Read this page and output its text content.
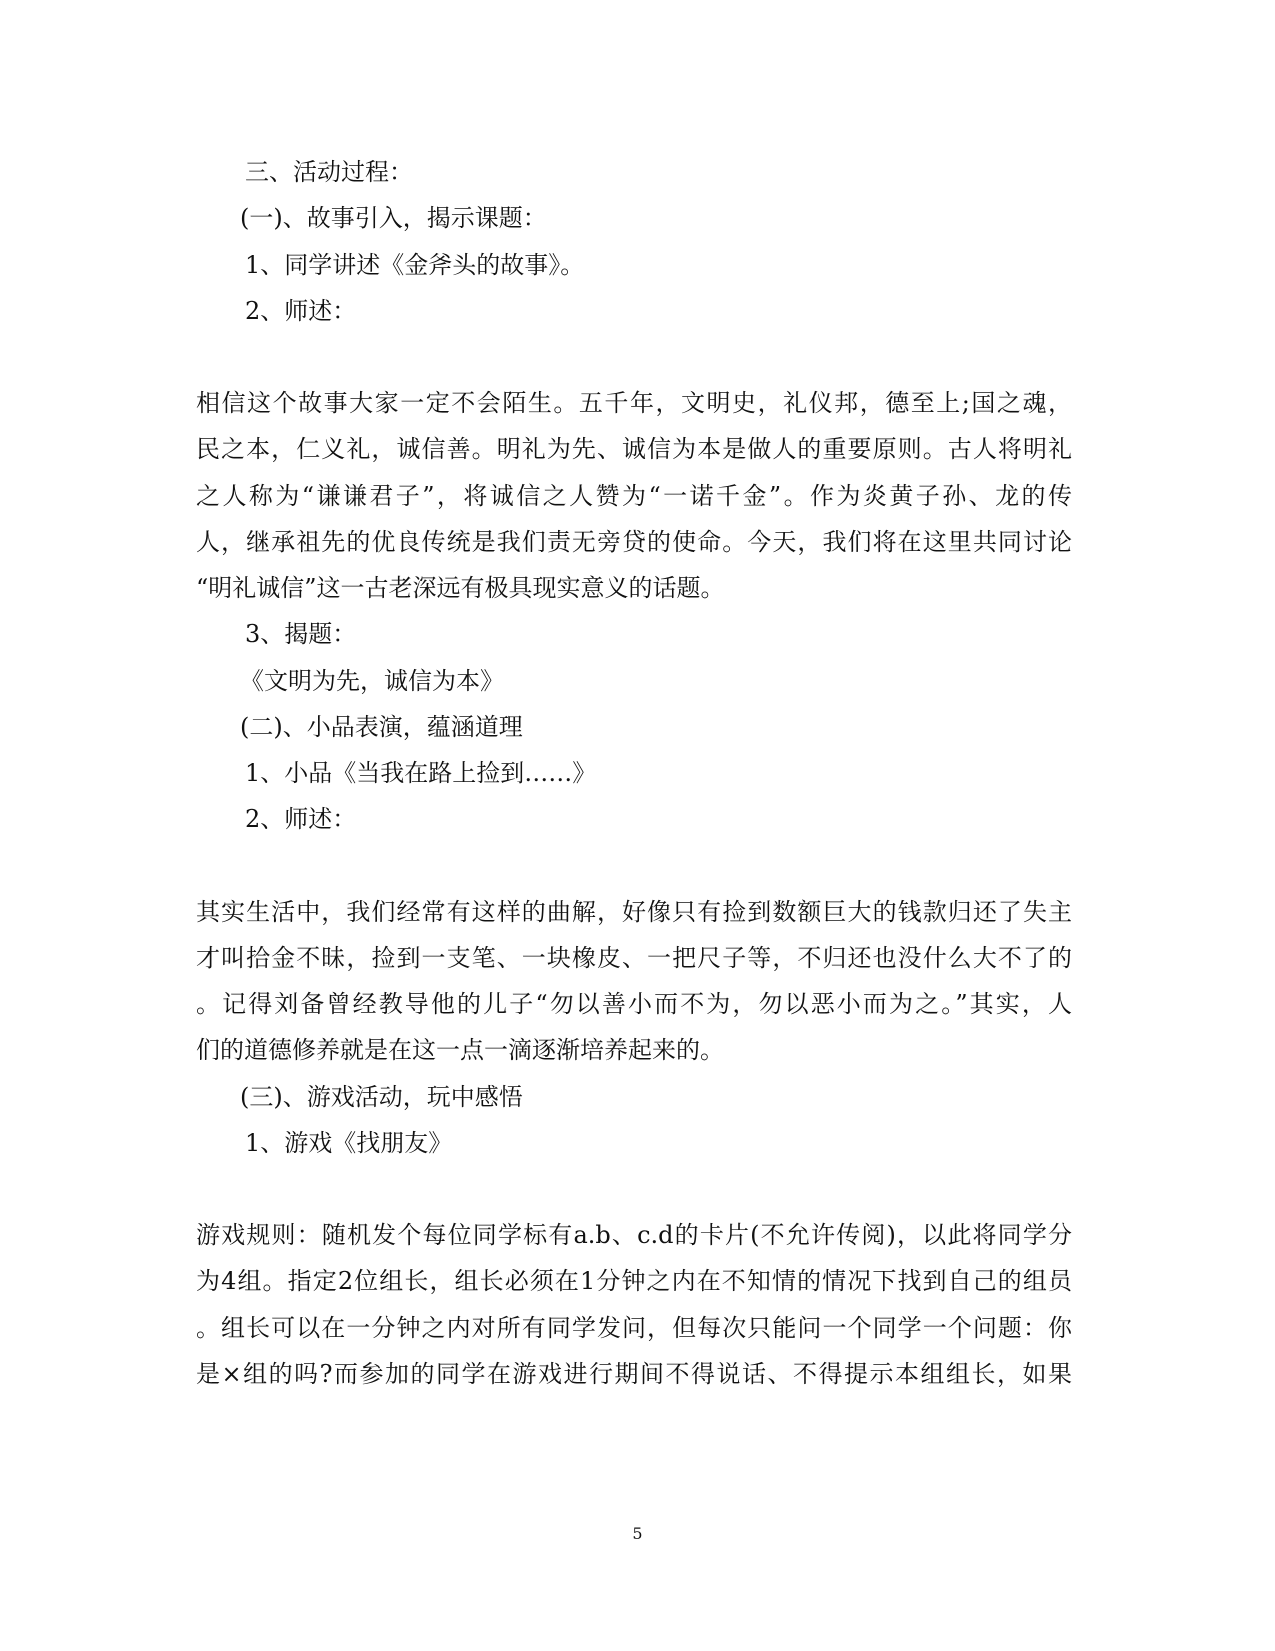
三、活动过程：
(一)、故事引入，揭示课题：
1、同学讲述《金斧头的故事》。
2、师述：
相信这个故事大家一定不会陌生。五千年，文明史，礼仪邦，德至上;国之魂，
民之本，仁义礼，诚信善。明礼为先、诚信为本是做人的重要原则。古人将明礼
之人称为“谦谦君子”，将诚信之人赞为“一诺千金”。作为炎黄子孙、龙的传
人，继承祖先的优良传统是我们责无旁贷的使命。今天，我们将在这里共同讨论
“明礼诚信”这一古老深远有极具现实意义的话题。
3、揭题：
《文明为先，诚信为本》
(二)、小品表演，蕴涵道理
1、小品《当我在路上捡到……》
2、师述：
其实生活中，我们经常有这样的曲解，好像只有捡到数额巨大的钱款归还了失主
才叫拾金不昧，捡到一支笔、一块橡皮、一把尺子等，不归还也没什么大不了的
。记得刘备曾经教导他的儿子“勿以善小而不为，勿以恶小而为之。”其实，人
们的道德修养就是在这一点一滴逐渐培养起来的。
(三)、游戏活动，玩中感悟
1、游戏《找朋友》
游戏规则：随机发个每位同学标有a.b、c.d的卡片(不允许传阅)，以此将同学分
为4组。指定2位组长，组长必须在1分钟之内在不知情的情况下找到自己的组员
。组长可以在一分钟之内对所有同学发问，但每次只能问一个同学一个问题：你
是×组的吗?而参加的同学在游戏进行期间不得说话、不得提示本组组长，如果
5
